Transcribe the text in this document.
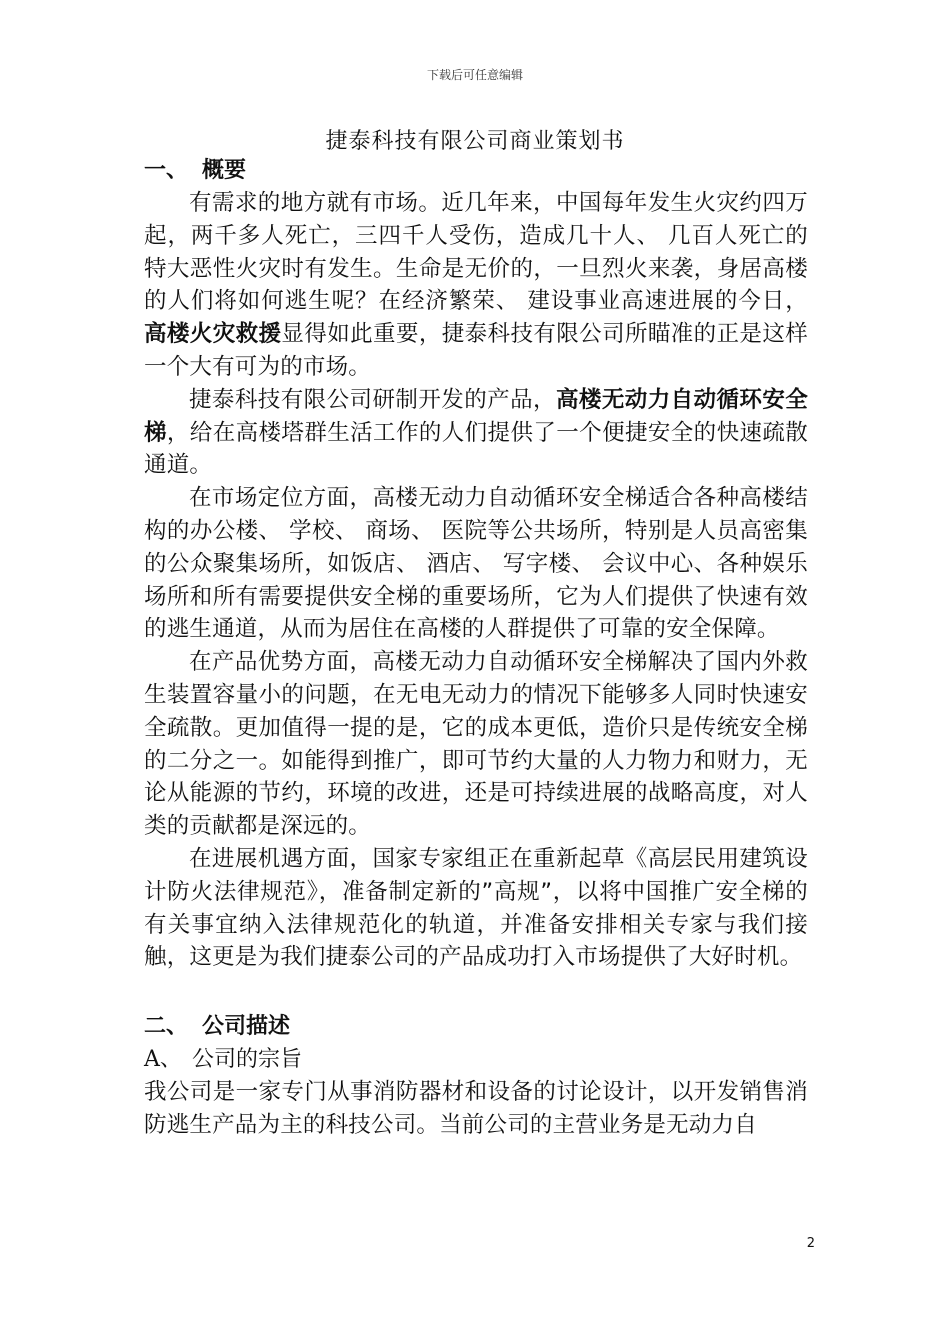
下载后可任意编辑
捷泰科技有限公司商业策划书
一、 概要

有需求的地方就有市场。近几年来，中国每年发生火灾约四万起，两千多人死亡，三四千人受伤，造成几十人、 几百人死亡的特大恶性火灾时有发生。生命是无价的，一旦烈火来袭，身居高楼的人们将如何逃生呢？在经济繁荣、 建设事业高速进展的今日，高楼火灾救援显得如此重要，捷泰科技有限公司所瞄准的正是这样一个大有可为的市场。

捷泰科技有限公司研制开发的产品，高楼无动力自动循环安全梯，给在高楼塔群生活工作的人们提供了一个便捷安全的快速疏散通道。

在市场定位方面，高楼无动力自动循环安全梯适合各种高楼结构的办公楼、 学校、 商场、 医院等公共场所，特别是人员高密集的公众聚集场所，如饭店、 酒店、 写字楼、 会议中心、各种娱乐场所和所有需要提供安全梯的重要场所，它为人们提供了快速有效的逃生通道，从而为居住在高楼的人群提供了可靠的安全保障。

在产品优势方面，高楼无动力自动循环安全梯解决了国内外救生装置容量小的问题，在无电无动力的情况下能够多人同时快速安全疏散。更加值得一提的是，它的成本更低，造价只是传统安全梯的二分之一。如能得到推广，即可节约大量的人力物力和财力，无论从能源的节约，环境的改进，还是可持续进展的战略高度，对人类的贡献都是深远的。

在进展机遇方面，国家专家组正在重新起草《高层民用建筑设计防火法律规范》，准备制定新的”高规”，以将中国推广安全梯的有关事宜纳入法律规范化的轨道，并准备安排相关专家与我们接触，这更是为我们捷泰公司的产品成功打入市场提供了大好时机。

二、 公司描述
A、 公司的宗旨

我公司是一家专门从事消防器材和设备的讨论设计，以开发销售消防逃生产品为主的科技公司。当前公司的主营业务是无动力自

2
